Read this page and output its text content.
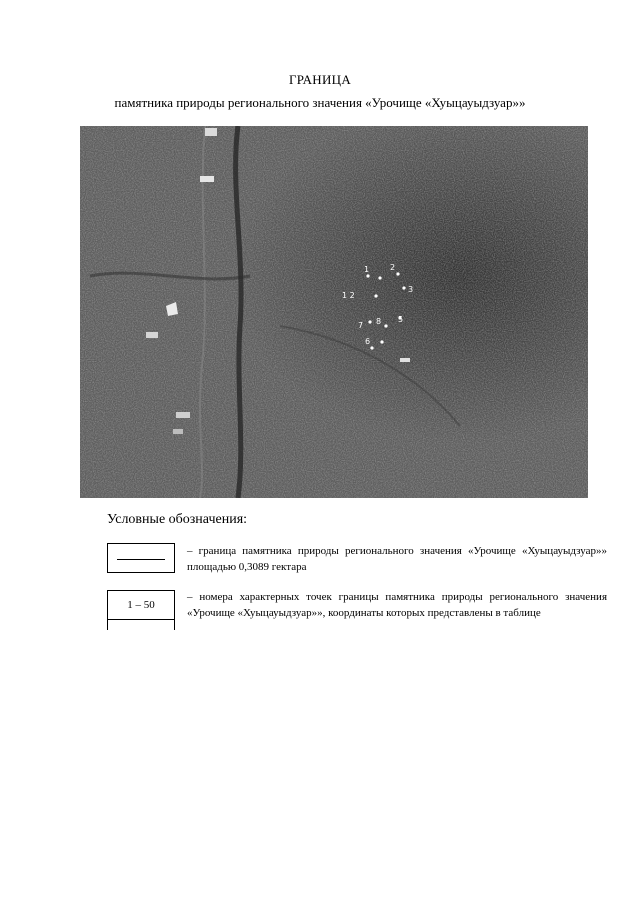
ГРАНИЦА
памятника природы регионального значения «Урочище «Хуыцауыдзуар»»
1	2
1 2
7 8
3
5
6
Условные обозначения:
– граница памятника природы регионального значения «Урочище «Хуыцауыдзуар»» площадью 0,3089 гектара
1 – 50
– номера характерных точек границы памятника природы регионального значения «Урочище «Хуыцауыдзуар»», координаты которых представлены в таблице
